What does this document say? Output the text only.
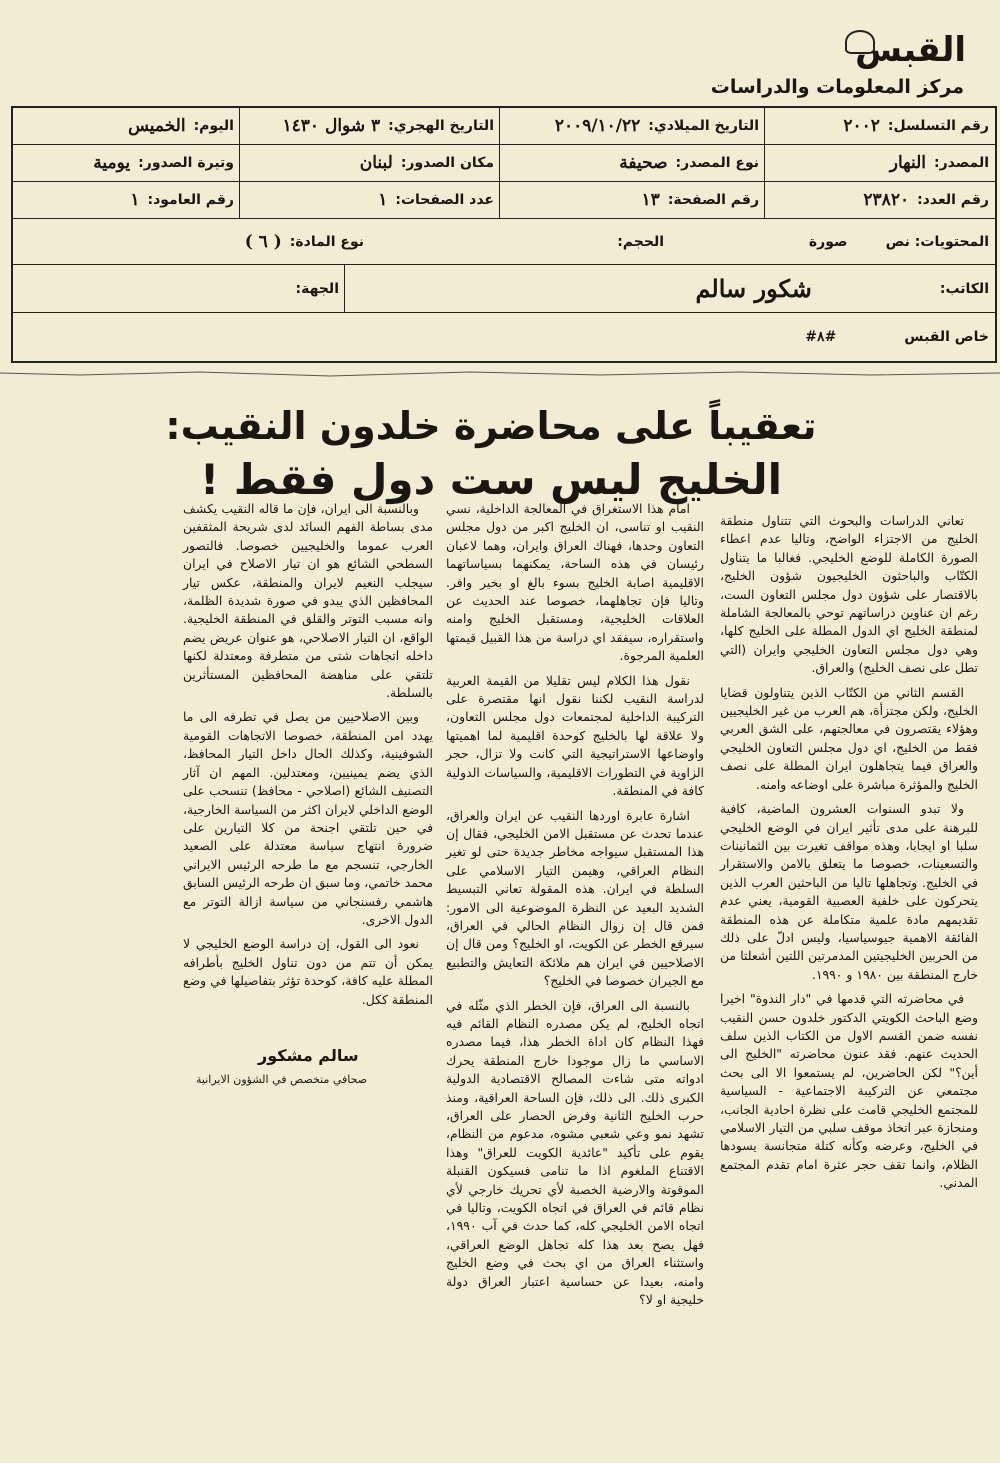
القبس
مركز المعلومات والدراسات
رقم التسلسل:
٢٠٠٢
التاريخ الميلادي:
٢٠٠٩/١٠/٢٢
التاريخ الهجري:
٣ شوال ١٤٣٠
اليوم:
الخميس
المصدر:
النهار
نوع المصدر:
صحيفة
مكان الصدور:
لبنان
وتيرة الصدور:
يومية
رقم العدد:
٢٣٨٢٠
رقم الصفحة:
١٣
عدد الصفحات:
١
رقم العامود:
١
المحتويات: نص
صورة
الحجم:
نوع المادة:
( ٦ )
الكاتب:
شكور سالم
الجهة:
خاص القبس
#٨#
تعقيباً على محاضرة خلدون النقيب:
الخليج ليس ست دول فقط !

تعاني الدراسات والبحوث التي تتناول منطقة الخليج من الاجتزاء الواضح، وتاليا عدم اعطاء الصورة الكاملة للوضع الخليجي. فغالبا ما يتناول الكتّاب والباحثون الخليجيون شؤون الخليج، بالاقتصار على شؤون دول مجلس التعاون الست، رغم ان عناوين دراساتهم توحي بالمعالجة الشاملة لمنطقة الخليج اي الدول المطلة على الخليج كلها، وهي دول مجلس التعاون الخليجي وايران (التي تطل على نصف الخليج) والعراق.

القسم الثاني من الكتّاب الذين يتناولون قضايا الخليج، ولكن مجتزأة، هم العرب من غير الخليجيين وهؤلاء يقتصرون في معالجتهم، على الشق العربي فقط من الخليج، اي دول مجلس التعاون الخليجي والعراق فيما يتجاهلون ايران المطلة على نصف الخليج والمؤثرة مباشرة على اوضاعه وامنه.

ولا تبدو السنوات العشرون الماضية، كافية للبرهنة على مدى تأثير ايران في الوضع الخليجي سلبا او ايجابا، وهذه مواقف تغيرت بين الثمانينات والتسعينات، خصوصا ما يتعلق بالامن والاستقرار في الخليج. وتجاهلها تاليا من الباحثين العرب الذين يتحركون على خلفية العصبية القومية، يعني عدم تقديمهم مادة علمية متكاملة عن هذه المنطقة الفائقة الاهمية جيوسياسيا، وليس ادلّ على ذلك من الحربين الخليجيتين المدمرتين اللتين أشعلتا من خارج المنطقة بين ١٩٨٠ و ١٩٩٠.

في محاضرته التي قدمها في "دار الندوة" اخيرا وضع الباحث الكويتي الدكتور خلدون حسن النقيب نفسه ضمن القسم الاول من الكتاب الذين سلف الحديث عنهم. فقد عنون محاضرته "الخليج الى أين؟" لكن الحاضرين، لم يستمعوا الا الى بحث مجتمعي عن التركيبة الاجتماعية - السياسية للمجتمع الخليجي قامت على نظرة احادية الجانب، ومنحازة عبر اتخاذ موقف سلبي من التيار الاسلامي في الخليج، وعرضه وكأنه كتلة متجانسة يسودها الظلام، وانما تقف حجر عثرة امام تقدم المجتمع المدني.

امام هذا الاستغراق في المعالجة الداخلية، نسي النقيب او تناسى، ان الخليج اكبر من دول مجلس التعاون وحدها، فهناك العراق وايران، وهما لاعبان رئيسان في هذه الساحة، يمكنهما بسياساتهما الاقليمية اصابة الخليج بسوء بالغ او بخير وافر. وتاليا فإن تجاهلهما، خصوصا عند الحديث عن العلاقات الخليجية، ومستقبل الخليج وامنه واستقراره، سيفقد اي دراسة من هذا القبيل قيمتها العلمية المرجوة.

نقول هذا الكلام ليس تقليلا من القيمة العربية لدراسة النقيب لكننا نقول انها مقتصرة على التركيبة الداخلية لمجتمعات دول مجلس التعاون، ولا علاقة لها بالخليج كوحدة اقليمية لما اهميتها واوضاعها الاستراتيجية التي كانت ولا تزال، حجر الزاوية في التطورات الاقليمية، والسياسات الدولية كافة في المنطقة.

اشارة عابرة اوردها النقيب عن ايران والعراق، عندما تحدث عن مستقبل الامن الخليجي، فقال إن هذا المستقبل سيواجه مخاطر جديدة حتى لو تغير النظام العراقي، وهيمن التيار الاسلامي على السلطة في ايران. هذه المقولة تعاني التبسيط الشديد البعيد عن النظرة الموضوعية الى الامور: فمن قال إن زوال النظام الحالي في العراق، سيرفع الخطر عن الكويت، او الخليج؟ ومن قال إن الاصلاحيين في ايران هم ملائكة التعايش والتطبيع مع الجيران خصوصا في الخليج؟

بالنسبة الى العراق، فإن الخطر الذي مثّله في اتجاه الخليج، لم يكن مصدره النظام القائم فيه فهذا النظام كان اداة الخطر هذا، فيما مصدره الاساسي ما زال موجودا خارج المنطقة يحرك ادواته متى شاءت المصالح الاقتصادية الدولية الكبرى ذلك. الى ذلك، فإن الساحة العراقية، ومنذ حرب الخليج الثانية وفرض الحصار على العراق، تشهد نمو وعي شعبي مشوه، مدعوم من النظام، يقوم على تأكيد "عائدية الكويت للعراق" وهذا الاقتناع الملغوم اذا ما تنامى فسيكون القنبلة الموقوتة والارضية الخصبة لأي تحريك خارجي لأي نظام قائم في العراق في اتجاه الكويت، وتاليا في اتجاه الامن الخليجي كله، كما حدث في آب ١٩٩٠، فهل يصح بعد هذا كله تجاهل الوضع العراقي، واستثناء العراق من اي بحث في وضع الخليج وامنه، بعيدا عن حساسية اعتبار العراق دولة خليجية او لا؟

وبالنسبة الى ايران، فإن ما قاله النقيب يكشف مدى بساطة الفهم السائد لدى شريحة المثقفين العرب عموما والخليجيين خصوصا. فالتصور السطحي الشائع هو ان تيار الاصلاح في ايران سيجلب النعيم لايران والمنطقة، عكس تيار المحافظين الذي يبدو في صورة شديدة الظلمة، وانه مسبب التوتر والقلق في المنطقة الخليجية. الواقع، ان التيار الاصلاحي، هو عنوان عريض يضم داخله اتجاهات شتى من متطرفة ومعتدلة لكنها تلتقي على مناهضة المحافظين المستأثرين بالسلطة.

وبين الاصلاحيين من يصل في تطرفه الى ما يهدد امن المنطقة، خصوصا الاتجاهات القومية الشوفينية، وكذلك الحال داخل التيار المحافظ، الذي يضم يمينيين، ومعتدلين. المهم ان آثار التصنيف الشائع (اصلاحي - محافظ) تنسحب على الوضع الداخلي لايران اكثر من السياسة الخارجية، في حين تلتقي اجنحة من كلا التيارين على ضرورة انتهاج سياسة معتدلة على الصعيد الخارجي، تنسجم مع ما طرحه الرئيس الايراني محمد خاتمي، وما سبق ان طرحه الرئيس السابق هاشمي رفسنجاني من سياسة ازالة التوتر مع الدول الاخرى.

نعود الى القول، إن دراسة الوضع الخليجي لا يمكن أن تتم من دون تناول الخليج بأطرافه المطلة عليه كافة، كوحدة تؤثر بتفاصيلها في وضع المنطقة ككل.

سالم مشكور
صحافي متخصص في الشؤون الايرانية
